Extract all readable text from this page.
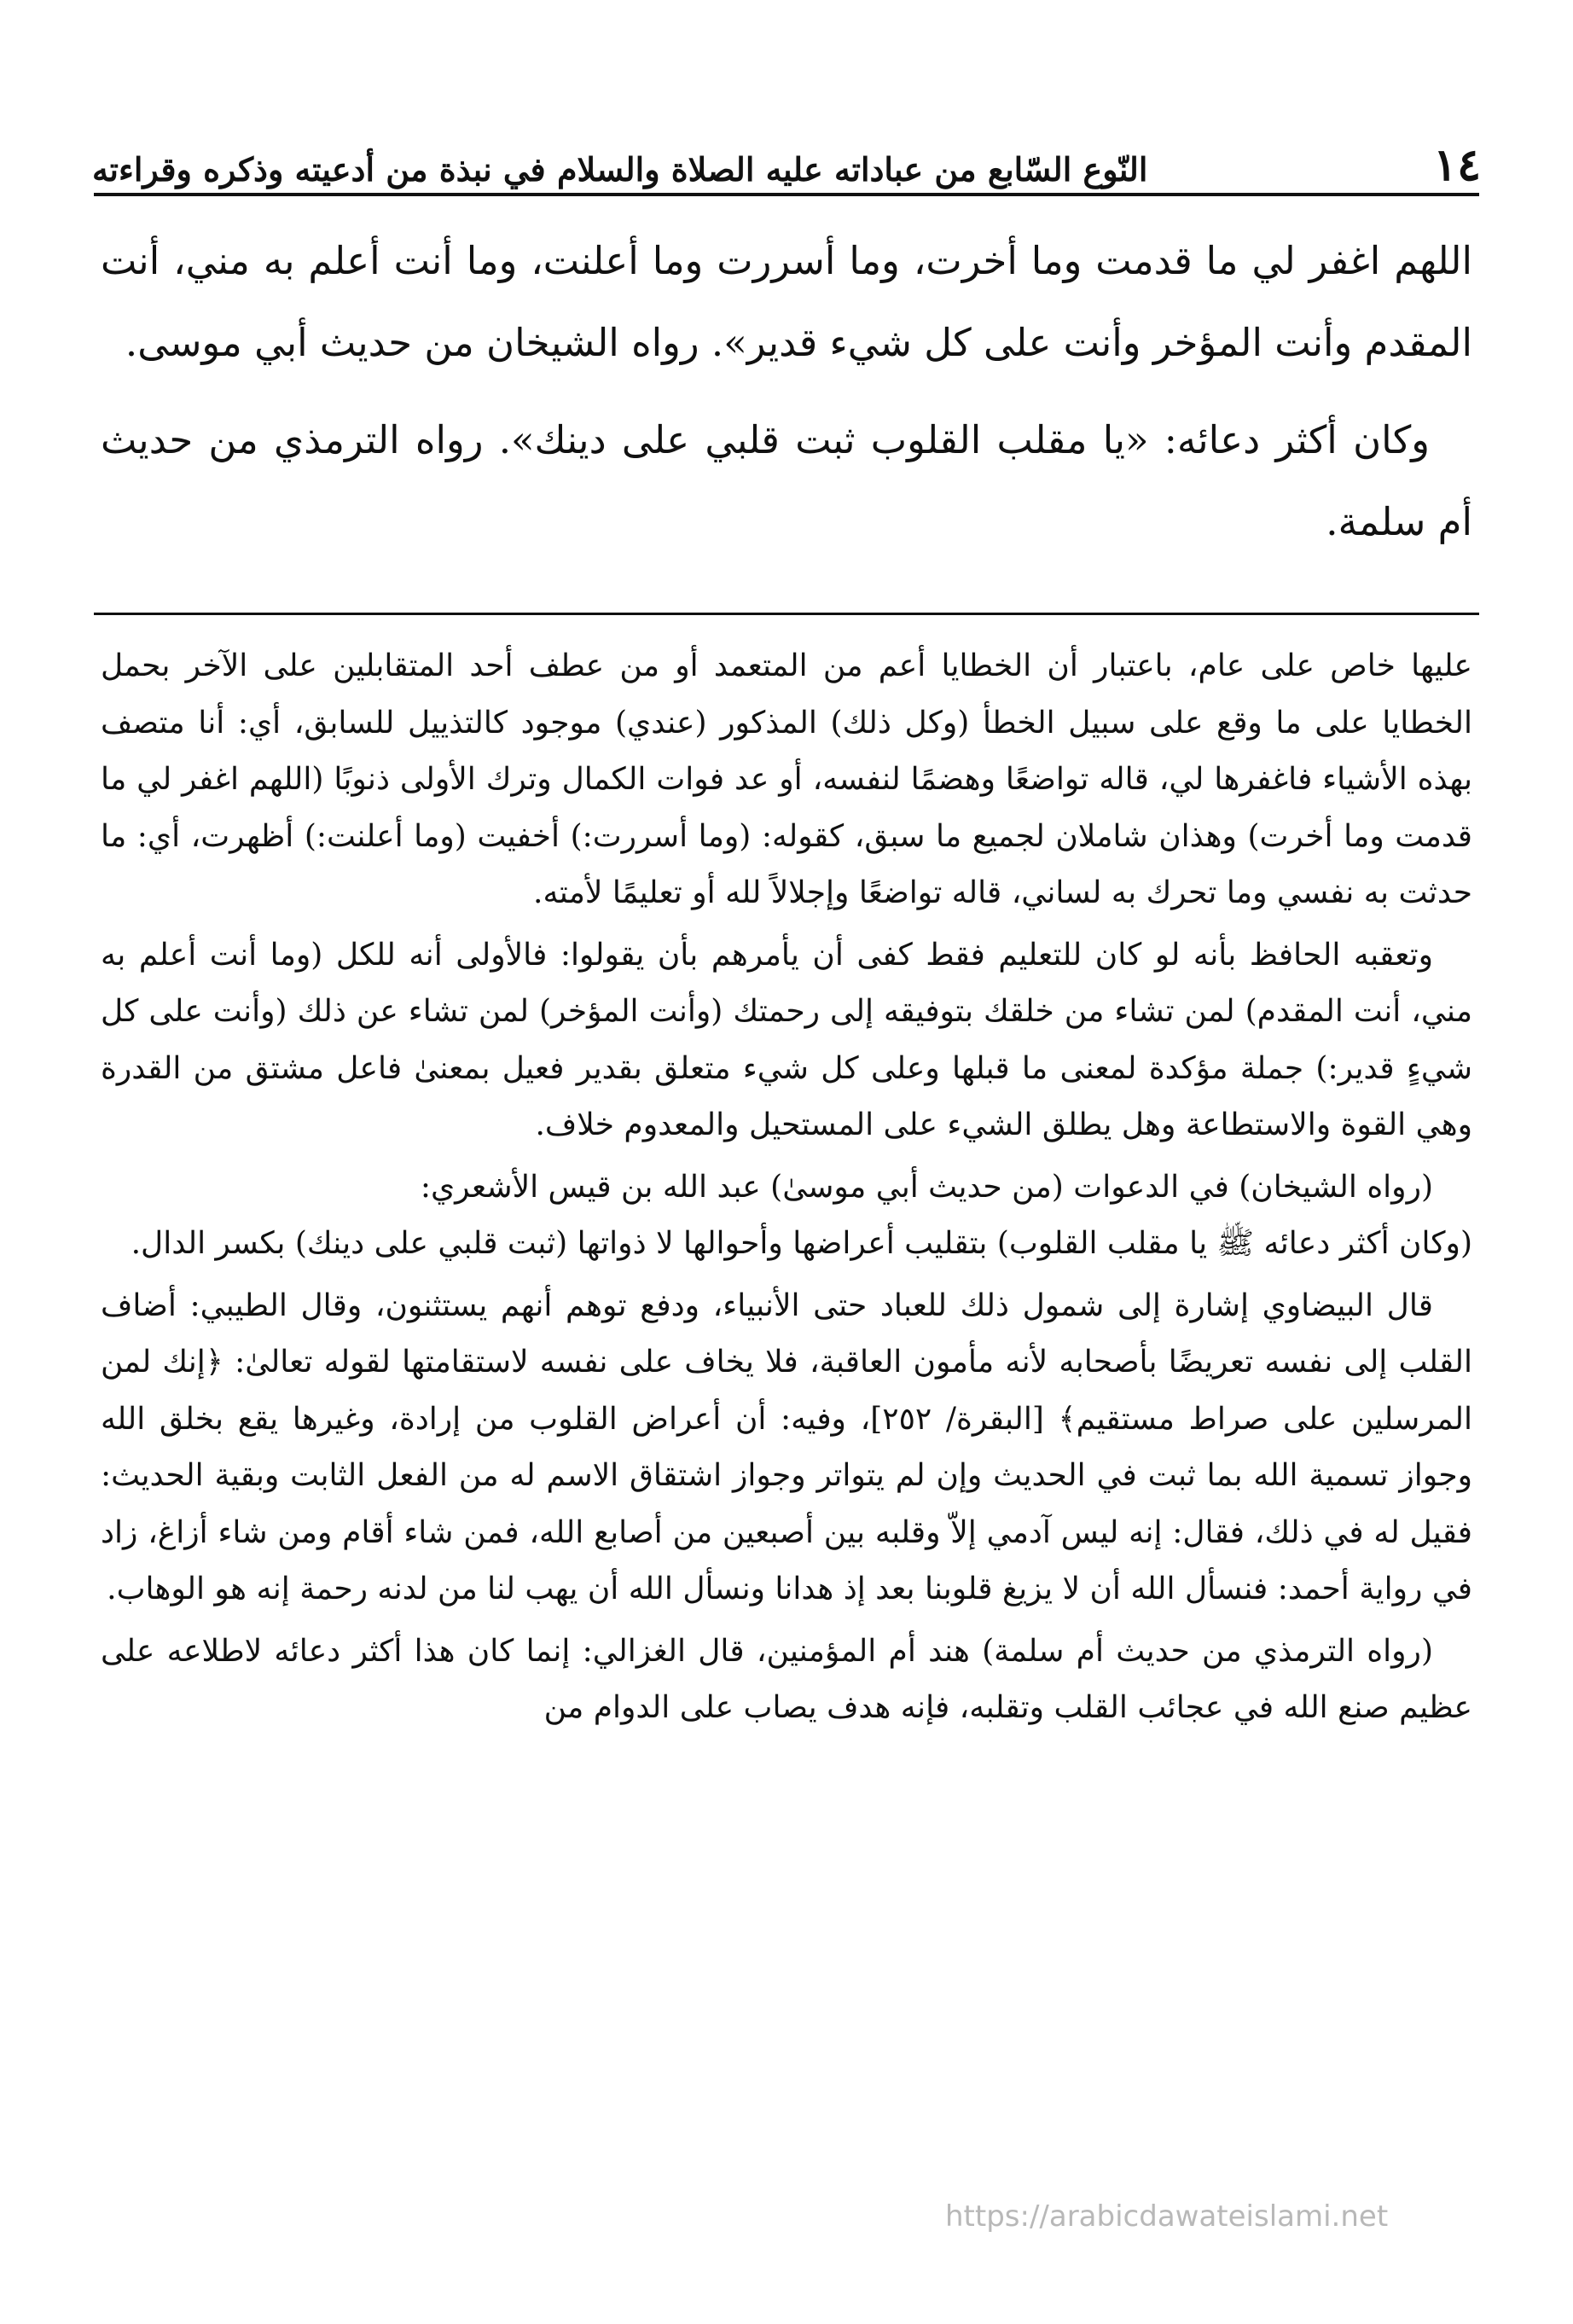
١٤
النّوع السّابع من عباداته عليه الصلاة والسلام في نبذة من أدعيته وذكره وقراءته

اللهم اغفر لي ما قدمت وما أخرت، وما أسررت وما أعلنت، وما أنت أعلم به مني، أنت المقدم وأنت المؤخر وأنت على كل شيء قدير». رواه الشيخان من حديث أبي موسى.

وكان أكثر دعائه: «يا مقلب القلوب ثبت قلبي على دينك». رواه الترمذي من حديث أم سلمة.

عليها خاص على عام، باعتبار أن الخطايا أعم من المتعمد أو من عطف أحد المتقابلين على الآخر بحمل الخطايا على ما وقع على سبيل الخطأ (وكل ذلك) المذكور (عندي) موجود كالتذييل للسابق، أي: أنا متصف بهذه الأشياء فاغفرها لي، قاله تواضعًا وهضمًا لنفسه، أو عد فوات الكمال وترك الأولى ذنوبًا (اللهم اغفر لي ما قدمت وما أخرت) وهذان شاملان لجميع ما سبق، كقوله: (وما أسررت:) أخفيت (وما أعلنت:) أظهرت، أي: ما حدثت به نفسي وما تحرك به لساني، قاله تواضعًا وإجلالاً لله أو تعليمًا لأمته.

وتعقبه الحافظ بأنه لو كان للتعليم فقط كفى أن يأمرهم بأن يقولوا: فالأولى أنه للكل (وما أنت أعلم به مني، أنت المقدم) لمن تشاء من خلقك بتوفيقه إلى رحمتك (وأنت المؤخر) لمن تشاء عن ذلك (وأنت على كل شيءٍ قدير:) جملة مؤكدة لمعنى ما قبلها وعلى كل شيء متعلق بقدير فعيل بمعنىٰ فاعل مشتق من القدرة وهي القوة والاستطاعة وهل يطلق الشيء على المستحيل والمعدوم خلاف.

(رواه الشيخان) في الدعوات (من حديث أبي موسىٰ) عبد الله بن قيس الأشعري:

(وكان أكثر دعائه ﷺ يا مقلب القلوب) بتقليب أعراضها وأحوالها لا ذواتها (ثبت قلبي على دينك) بكسر الدال.

قال البيضاوي إشارة إلى شمول ذلك للعباد حتى الأنبياء، ودفع توهم أنهم يستثنون، وقال الطيبي: أضاف القلب إلى نفسه تعريضًا بأصحابه لأنه مأمون العاقبة، فلا يخاف على نفسه لاستقامتها لقوله تعالىٰ: ﴿إنك لمن المرسلين على صراط مستقيم﴾ [البقرة/ ٢٥٢]، وفيه: أن أعراض القلوب من إرادة، وغيرها يقع بخلق الله وجواز تسمية الله بما ثبت في الحديث وإن لم يتواتر وجواز اشتقاق الاسم له من الفعل الثابت وبقية الحديث: فقيل له في ذلك، فقال: إنه ليس آدمي إلاّ وقلبه بين أصبعين من أصابع الله، فمن شاء أقام ومن شاء أزاغ، زاد في رواية أحمد: فنسأل الله أن لا يزيغ قلوبنا بعد إذ هدانا ونسأل الله أن يهب لنا من لدنه رحمة إنه هو الوهاب.

(رواه الترمذي من حديث أم سلمة) هند أم المؤمنين، قال الغزالي: إنما كان هذا أكثر دعائه لاطلاعه على عظيم صنع الله في عجائب القلب وتقلبه، فإنه هدف يصاب على الدوام من

https://arabicdawateislami.net
